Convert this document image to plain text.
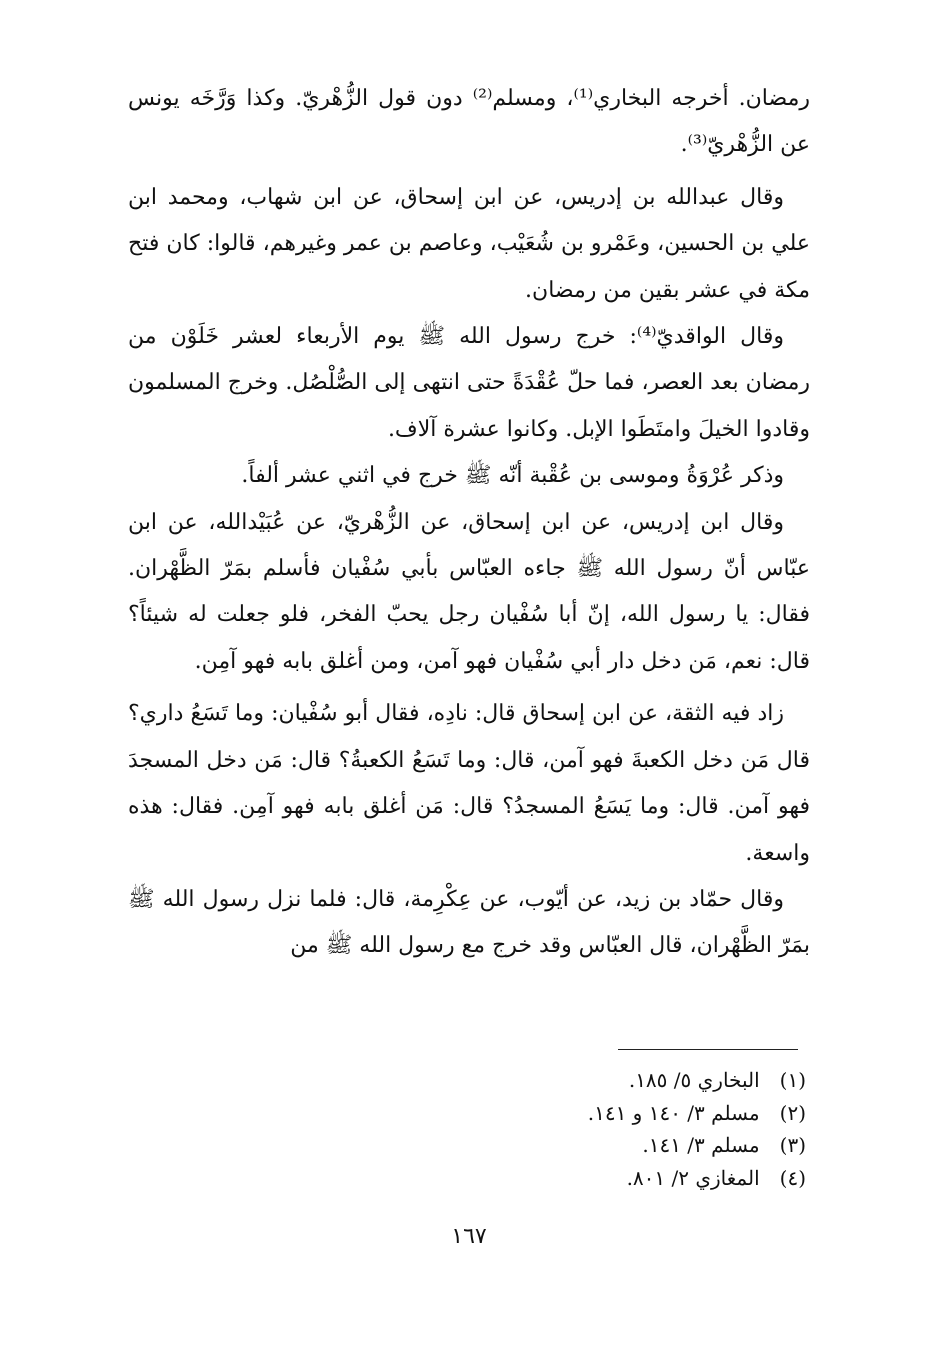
رمضان. أخرجه البخاري⁽¹⁾، ومسلم⁽²⁾ دون قول الزُّهْريّ. وكذا وَرَّخَه يونس عن الزُّهْريّ⁽³⁾.

وقال عبدالله بن إدريس، عن ابن إسحاق، عن ابن شهاب، ومحمد ابن علي بن الحسين، وعَمْرو بن شُعَيْب، وعاصم بن عمر وغيرهم، قالوا: كان فتح مكة في عشر بقين من رمضان.

وقال الواقديّ⁽⁴⁾: خرج رسول الله ﷺ يوم الأربعاء لعشر خَلَوْن من رمضان بعد العصر، فما حلّ عُقْدَةً حتى انتهى إلى الصُّلْصُل. وخرج المسلمون وقادوا الخيلَ وامتَطَوا الإبل. وكانوا عشرة آلاف.

وذكر عُرْوَةُ وموسى بن عُقْبة أنّه ﷺ خرج في اثني عشر ألفاً.

وقال ابن إدريس، عن ابن إسحاق، عن الزُّهْريّ، عن عُبَيْدالله، عن ابن عبّاس أنّ رسول الله ﷺ جاءه العبّاس بأبي سُفْيان فأسلم بمَرّ الظَّهْران. فقال: يا رسول الله، إنّ أبا سُفْيان رجل يحبّ الفخر، فلو جعلت له شيئاً؟ قال: نعم، مَن دخل دار أبي سُفْيان فهو آمن، ومن أغلق بابه فهو آمِن.

زاد فيه الثقة، عن ابن إسحاق قال: نادِه، فقال أبو سُفْيان: وما تَسَعُ داري؟ قال مَن دخل الكعبةَ فهو آمن، قال: وما تَسَعُ الكعبةُ؟ قال: مَن دخل المسجدَ فهو آمن. قال: وما يَسَعُ المسجدُ؟ قال: مَن أغلق بابه فهو آمِن. فقال: هذه واسعة.

وقال حمّاد بن زيد، عن أيّوب، عن عِكْرِمة، قال: فلما نزل رسول الله ﷺ بمَرّ الظَّهْران، قال العبّاس وقد خرج مع رسول الله ﷺ من

(١) البخاري ٥/ ١٨٥.
(٢) مسلم ٣/ ١٤٠ و ١٤١.
(٣) مسلم ٣/ ١٤١.
(٤) المغازي ٢/ ٨٠١.
١٦٧
